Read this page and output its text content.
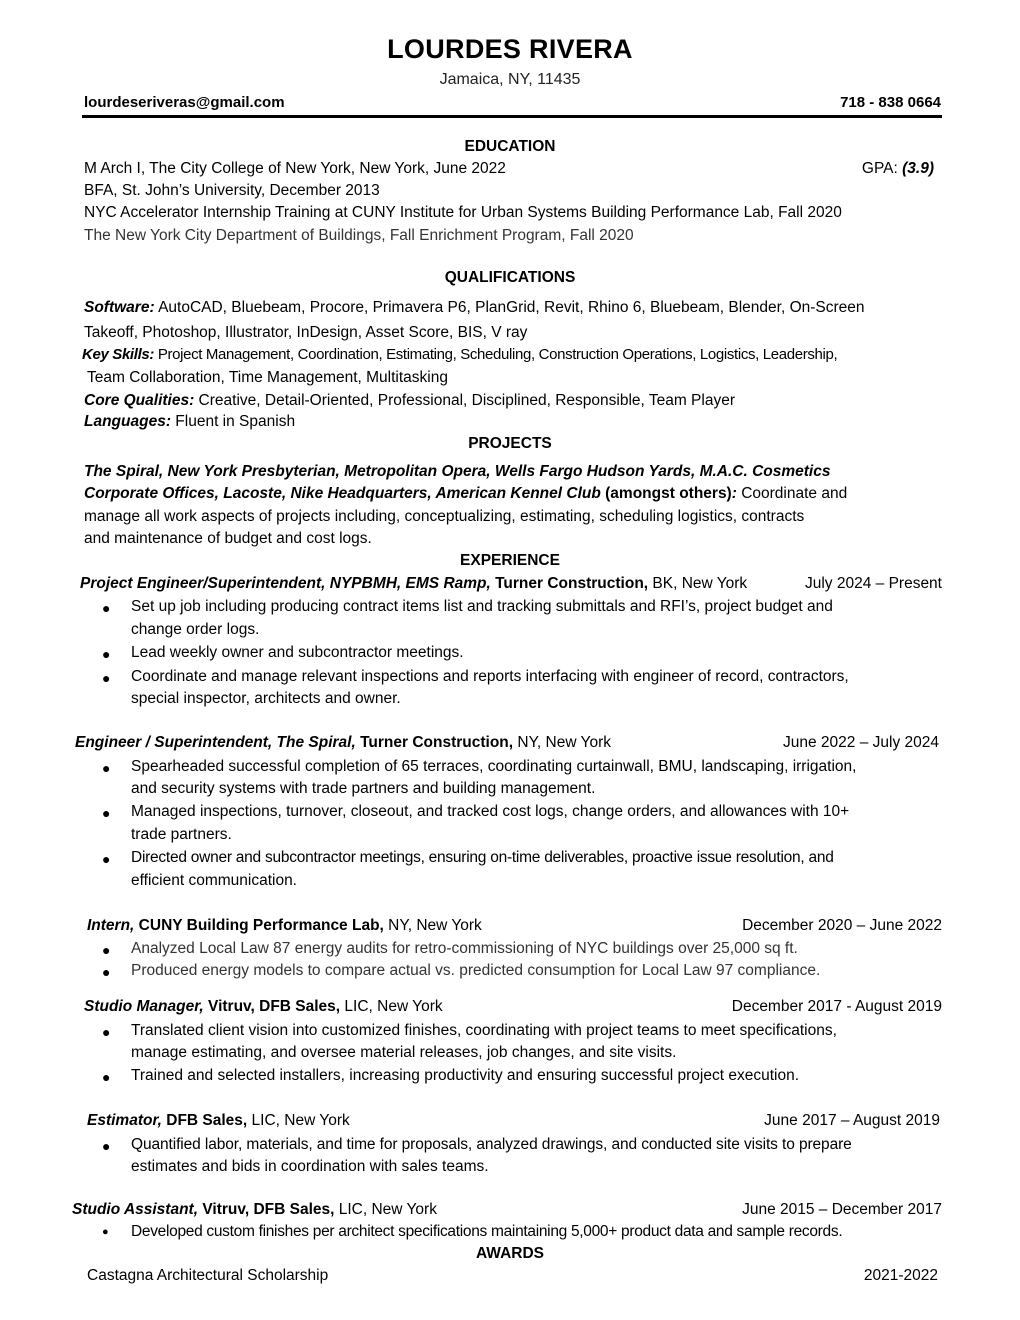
LOURDES RIVERA
Jamaica, NY, 11435
lourdeseriveras@gmail.com	718 - 838 0664
EDUCATION
M Arch I, The City College of New York, New York, June 2022	GPA: (3.9)
BFA, St. John’s University, December 2013
NYC Accelerator Internship Training at CUNY Institute for Urban Systems Building Performance Lab, Fall 2020
The New York City Department of Buildings, Fall Enrichment Program, Fall 2020
QUALIFICATIONS
Software: AutoCAD, Bluebeam, Procore, Primavera P6, PlanGrid, Revit, Rhino 6, Bluebeam, Blender, On-Screen
Takeoff, Photoshop, Illustrator, InDesign, Asset Score, BIS, V ray
Key Skills: Project Management, Coordination, Estimating, Scheduling, Construction Operations, Logistics, Leadership,
Team Collaboration, Time Management, Multitasking
Core Qualities: Creative, Detail-Oriented, Professional, Disciplined, Responsible, Team Player
Languages: Fluent in Spanish
PROJECTS
The Spiral, New York Presbyterian, Metropolitan Opera, Wells Fargo Hudson Yards, M.A.C. Cosmetics
Corporate Offices, Lacoste, Nike Headquarters, American Kennel Club (amongst others): Coordinate and
manage all work aspects of projects including, conceptualizing, estimating, scheduling logistics, contracts
and maintenance of budget and cost logs.
EXPERIENCE
Project Engineer/Superintendent, NYPBMH, EMS Ramp, Turner Construction, BK, New York	July 2024 – Present
● Set up job including producing contract items list and tracking submittals and RFI’s, project budget and
change order logs.
● Lead weekly owner and subcontractor meetings.
● Coordinate and manage relevant inspections and reports interfacing with engineer of record, contractors,
special inspector, architects and owner.
Engineer / Superintendent, The Spiral, Turner Construction, NY, New York	June 2022 – July 2024
● Spearheaded successful completion of 65 terraces, coordinating curtainwall, BMU, landscaping, irrigation,
and security systems with trade partners and building management.
● Managed inspections, turnover, closeout, and tracked cost logs, change orders, and allowances with 10+
trade partners.
● Directed owner and subcontractor meetings, ensuring on-time deliverables, proactive issue resolution, and
efficient communication.
Intern, CUNY Building Performance Lab, NY, New York	December 2020 – June 2022
● Analyzed Local Law 87 energy audits for retro-commissioning of NYC buildings over 25,000 sq ft.
● Produced energy models to compare actual vs. predicted consumption for Local Law 97 compliance.
Studio Manager, Vitruv, DFB Sales, LIC, New York	December 2017 - August 2019
● Translated client vision into customized finishes, coordinating with project teams to meet specifications,
manage estimating, and oversee material releases, job changes, and site visits.
● Trained and selected installers, increasing productivity and ensuring successful project execution.
Estimator, DFB Sales, LIC, New York	June 2017 – August 2019
● Quantified labor, materials, and time for proposals, analyzed drawings, and conducted site visits to prepare
estimates and bids in coordination with sales teams.
Studio Assistant, Vitruv, DFB Sales, LIC, New York	June 2015 – December 2017
● Developed custom finishes per architect specifications maintaining 5,000+ product data and sample records.
AWARDS
Castagna Architectural Scholarship	2021-2022
